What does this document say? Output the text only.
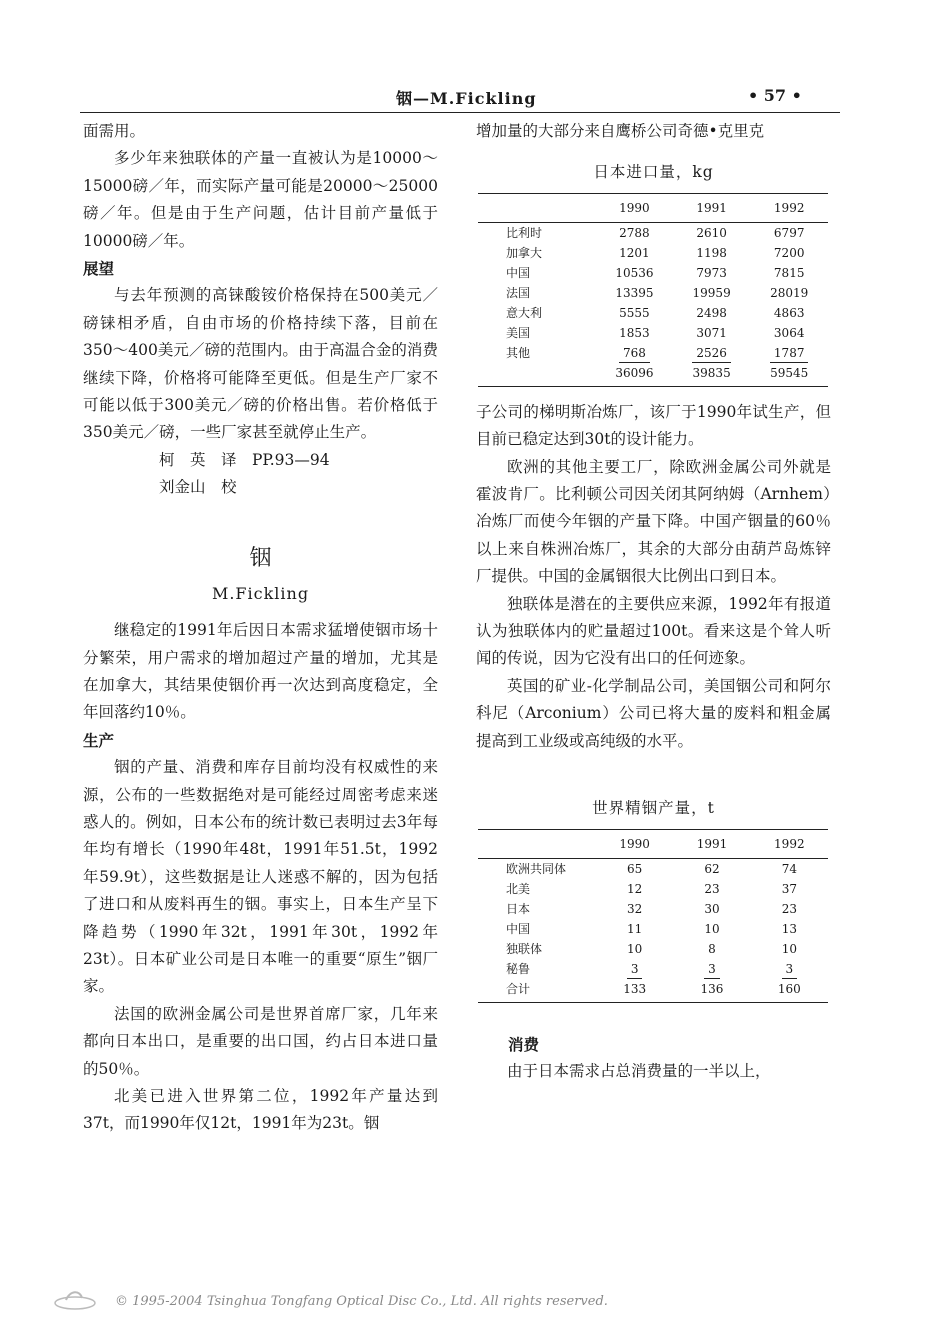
铟—M.Fickling	• 57 •

面需用。

多少年来独联体的产量一直被认为是10000～15000磅／年，而实际产量可能是20000～25000磅／年。但是由于生产问题，估计目前产量低于10000磅／年。

展望

与去年预测的高铼酸铵价格保持在500美元／磅铼相矛盾，自由市场的价格持续下落，目前在350～400美元／磅的范围内。由于高温合金的消费继续下降，价格将可能降至更低。但是生产厂家不可能以低于300美元／磅的价格出售。若价格低于350美元／磅，一些厂家甚至就停止生产。

柯　英　译　PP.93—94

刘金山　校

铟
M.Fickling

继稳定的1991年后因日本需求猛增使铟市场十分繁荣，用户需求的增加超过产量的增加，尤其是在加拿大，其结果使铟价再一次达到高度稳定，全年回落约10％。

生产

铟的产量、消费和库存目前均没有权威性的来源，公布的一些数据绝对是可能经过周密考虑来迷惑人的。例如，日本公布的统计数已表明过去3年每年均有增长（1990年48t，1991年51.5t，1992年59.9t），这些数据是让人迷惑不解的，因为包括了进口和从废料再生的铟。事实上，日本生产呈下降趋势（1990年32t，1991年30t，1992年23t）。日本矿业公司是日本唯一的重要“原生”铟厂家。

法国的欧洲金属公司是世界首席厂家，几年来都向日本出口，是重要的出口国，约占日本进口量的50％。

北美已进入世界第二位，1992年产量达到37t，而1990年仅12t，1991年为23t。铟

增加量的大部分来自鹰桥公司奇德•克里克

日本进口量，kg
	1990	1991	1992
比利时	2788	2610	6797
加拿大	1201	1198	7200
中国	10536	7973	7815
法国	13395	19959	28019
意大利	5555	2498	4863
美国	1853	3071	3064
其他	768	2526	1787
	36096	39835	59545

子公司的梯明斯冶炼厂，该厂于1990年试生产，但目前已稳定达到30t的设计能力。

欧洲的其他主要工厂，除欧洲金属公司外就是霍波肯厂。比利顿公司因关闭其阿纳姆（Arnhem）冶炼厂而使今年铟的产量下降。中国产铟量的60％以上来自株洲冶炼厂，其余的大部分由葫芦岛炼锌厂提供。中国的金属铟很大比例出口到日本。

独联体是潜在的主要供应来源，1992年有报道认为独联体内的贮量超过100t。看来这是个耸人听闻的传说，因为它没有出口的任何迹象。

英国的矿业-化学制品公司，美国铟公司和阿尔科尼（Arconium）公司已将大量的废料和粗金属提高到工业级或高纯级的水平。

世界精铟产量，t
	1990	1991	1992
欧洲共同体	65	62	74
北美	12	23	37
日本	32	30	23
中国	11	10	13
独联体	10	8	10
秘鲁	3	3	3
合计	133	136	160

消费

由于日本需求占总消费量的一半以上，

© 1995-2004 Tsinghua Tongfang Optical Disc Co., Ltd. All rights reserved.
